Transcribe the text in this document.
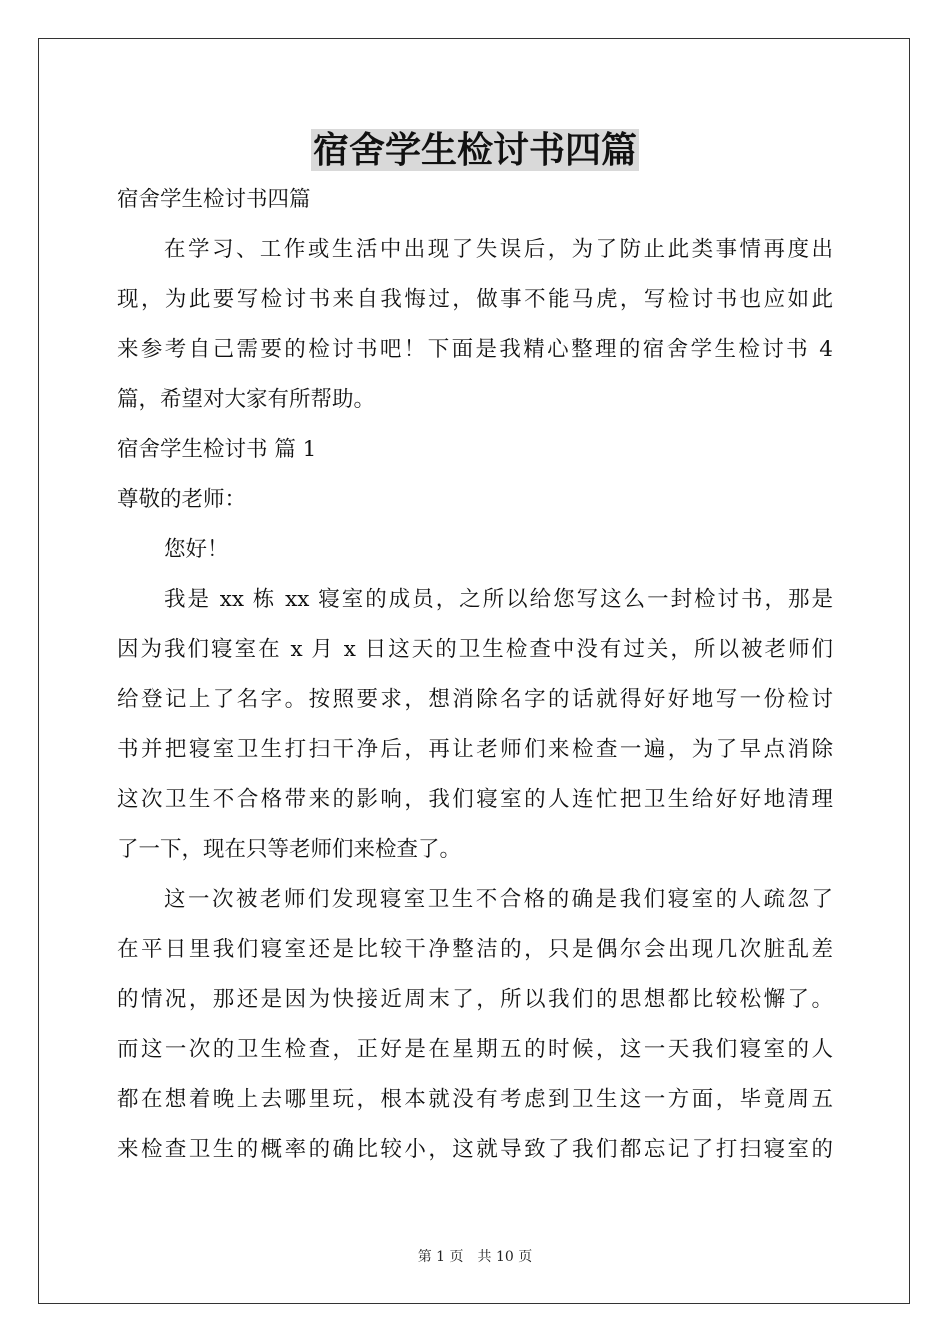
宿舍学生检讨书四篇
宿舍学生检讨书四篇
在学习、工作或生活中出现了失误后，为了防止此类事情再度出
现，为此要写检讨书来自我悔过，做事不能马虎，写检讨书也应如此
来参考自己需要的检讨书吧！下面是我精心整理的宿舍学生检讨书 4
篇，希望对大家有所帮助。
宿舍学生检讨书 篇 1
尊敬的老师：
您好！
我是 xx 栋 xx 寝室的成员，之所以给您写这么一封检讨书，那是
因为我们寝室在 x 月 x 日这天的卫生检查中没有过关，所以被老师们
给登记上了名字。按照要求，想消除名字的话就得好好地写一份检讨
书并把寝室卫生打扫干净后，再让老师们来检查一遍，为了早点消除
这次卫生不合格带来的影响，我们寝室的人连忙把卫生给好好地清理
了一下，现在只等老师们来检查了。
这一次被老师们发现寝室卫生不合格的确是我们寝室的人疏忽了
在平日里我们寝室还是比较干净整洁的，只是偶尔会出现几次脏乱差
的情况，那还是因为快接近周末了，所以我们的思想都比较松懈了。
而这一次的卫生检查，正好是在星期五的时候，这一天我们寝室的人
都在想着晚上去哪里玩，根本就没有考虑到卫生这一方面，毕竟周五
来检查卫生的概率的确比较小，这就导致了我们都忘记了打扫寝室的
第 1 页 共 10 页
